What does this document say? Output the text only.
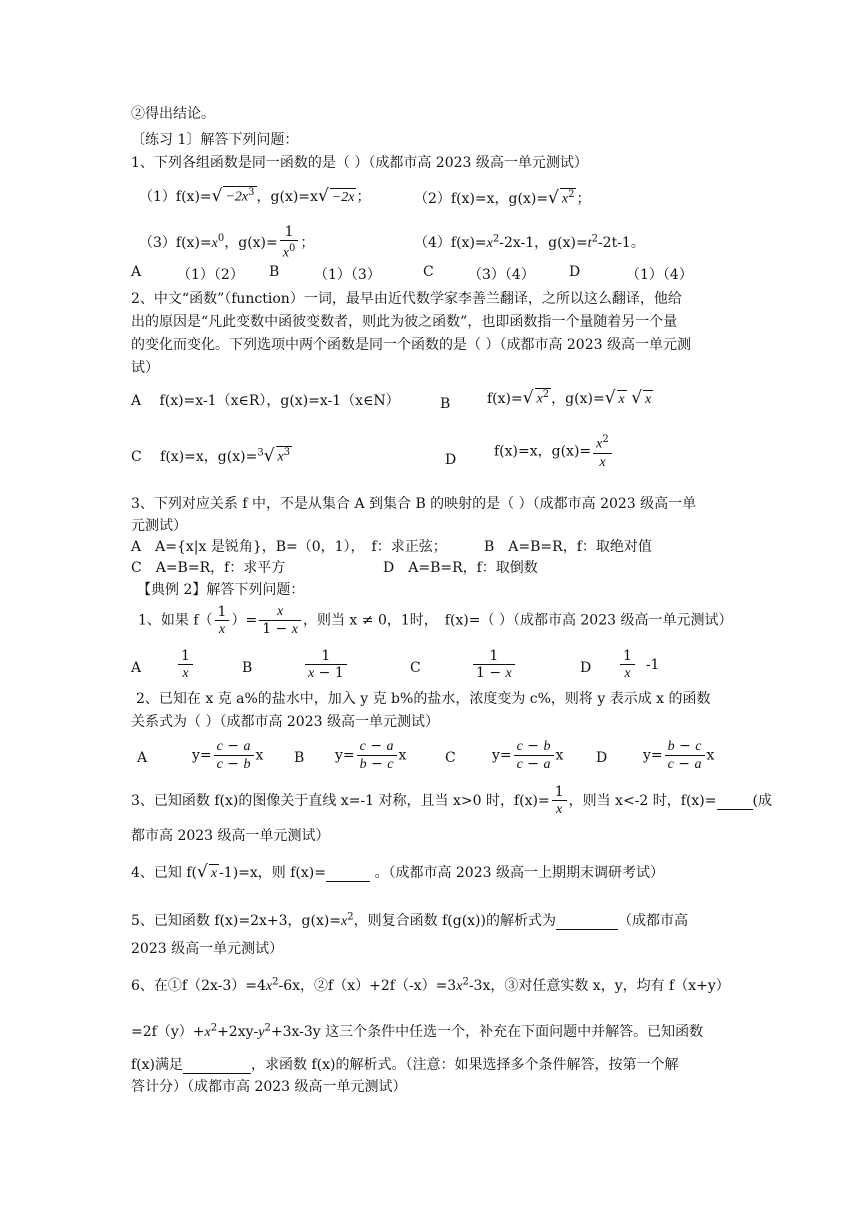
②得出结论。
〔练习 1〕解答下列问题：
1、下列各组函数是同一函数的是（ ）（成都市高 2023 级高一单元测试）
$(1)f(x)=√ -2x^3$ ，g(x)=x√ −2x ；	（2）f(x)=x，g(x)=√ $x^2$ ；
$(3)f(x)=x^0$，$g(x)= \frac{1}{x^0}$ ；	$(4)f(x)=x^2-2x-1$，$g(x)=t^2-2t-1$。
A	（1）（2） B （1）（3）	C （3）（4） D	（1）（4）
2、中文“函数”（function）一词，最早由近代数学家李善兰翻译，之所以这么翻译，他给
出的原因是“凡此变数中函彼变数者，则此为彼之函数”，也即函数指一个量随着另一个量
的变化而变化。下列选项中两个函数是同一个函数的是（ ）（成都市高 2023 级高一单元测
试）
A　 f(x)=x-1（x∈R），g(x)=x-1（x∈N）	B	f(x)=√ $x^2$ ，g(x)=√ x √ x
C　 f(x)=x，g(x)=$^3$√ $x^3$	D
f(x)=x，$g(x)= \frac{x^2}{x}$
3、下列对应关系 f 中，不是从集合 A 到集合 B 的映射的是（ ）（成都市高 2023 级高一单
元测试）
A　A={x|x 是锐角}，B=（0，1），　f：求正弦；	B　A=B=R，f：取绝对值
C　A=B=R，f：求平方	D　A=B=R，f：取倒数
【典例 2】解答下列问题：
1、如果 $f( \frac{1}{x}$ ）= $\frac{x}{1 - x}$ ，则当 x ≠ 0，1时，　f(x)=（ ）（成都市高 2023 级高一单元测试）
A	$\frac{1}{x}$	B	$\frac{1}{x - 1}$	C	$\frac{1}{1 - x}$	D $\frac{1}{x} -1$
2、已知在 x 克 a%的盐水中，加入 y 克 b%的盐水，浓度变为 c%，则将 y 表示成 x 的函数
关系式为（ ）（成都市高 2023 级高一单元测试）
A	$y= \frac{c - a}{c - b}$ x B $y= \frac{c - a}{b - c}$ x	C	$y= \frac{c - b}{c - a}$ x D	$y= \frac{b - c}{c - a}$ x
3、已知函数 f(x)的图像关于直线 x=-1 对称，且当 x>0 时，$f(x)= \frac{1}{x}$ ，则当 x<-2 时，f(x)=	(成
都市高 2023 级高一单元测试）
4、已知 f(√ x -1)=x，则 f(x)=	。（成都市高 2023 级高一上期期末调研考试）
5、已知函数 f(x)=2x+3，$g(x)=x^2$，则复合函数 f(g(x))的解析式为	（成都市高
2023 级高一单元测试）
6、在$①f(2x-3)=4x^2-6x$，$②f(x)+2f(-x)=3x^2-3x$，③对任意实数 x，y，均有 f（x+y）
$=2f(y)+x^2+2xy-y^2+3x-3y$ 这三个条件中任选一个，补充在下面问题中并解答。已知函数
f(x)满足	，求函数 f(x)的解析式。（注意：如果选择多个条件解答，按第一个解
答计分）（成都市高 2023 级高一单元测试）
